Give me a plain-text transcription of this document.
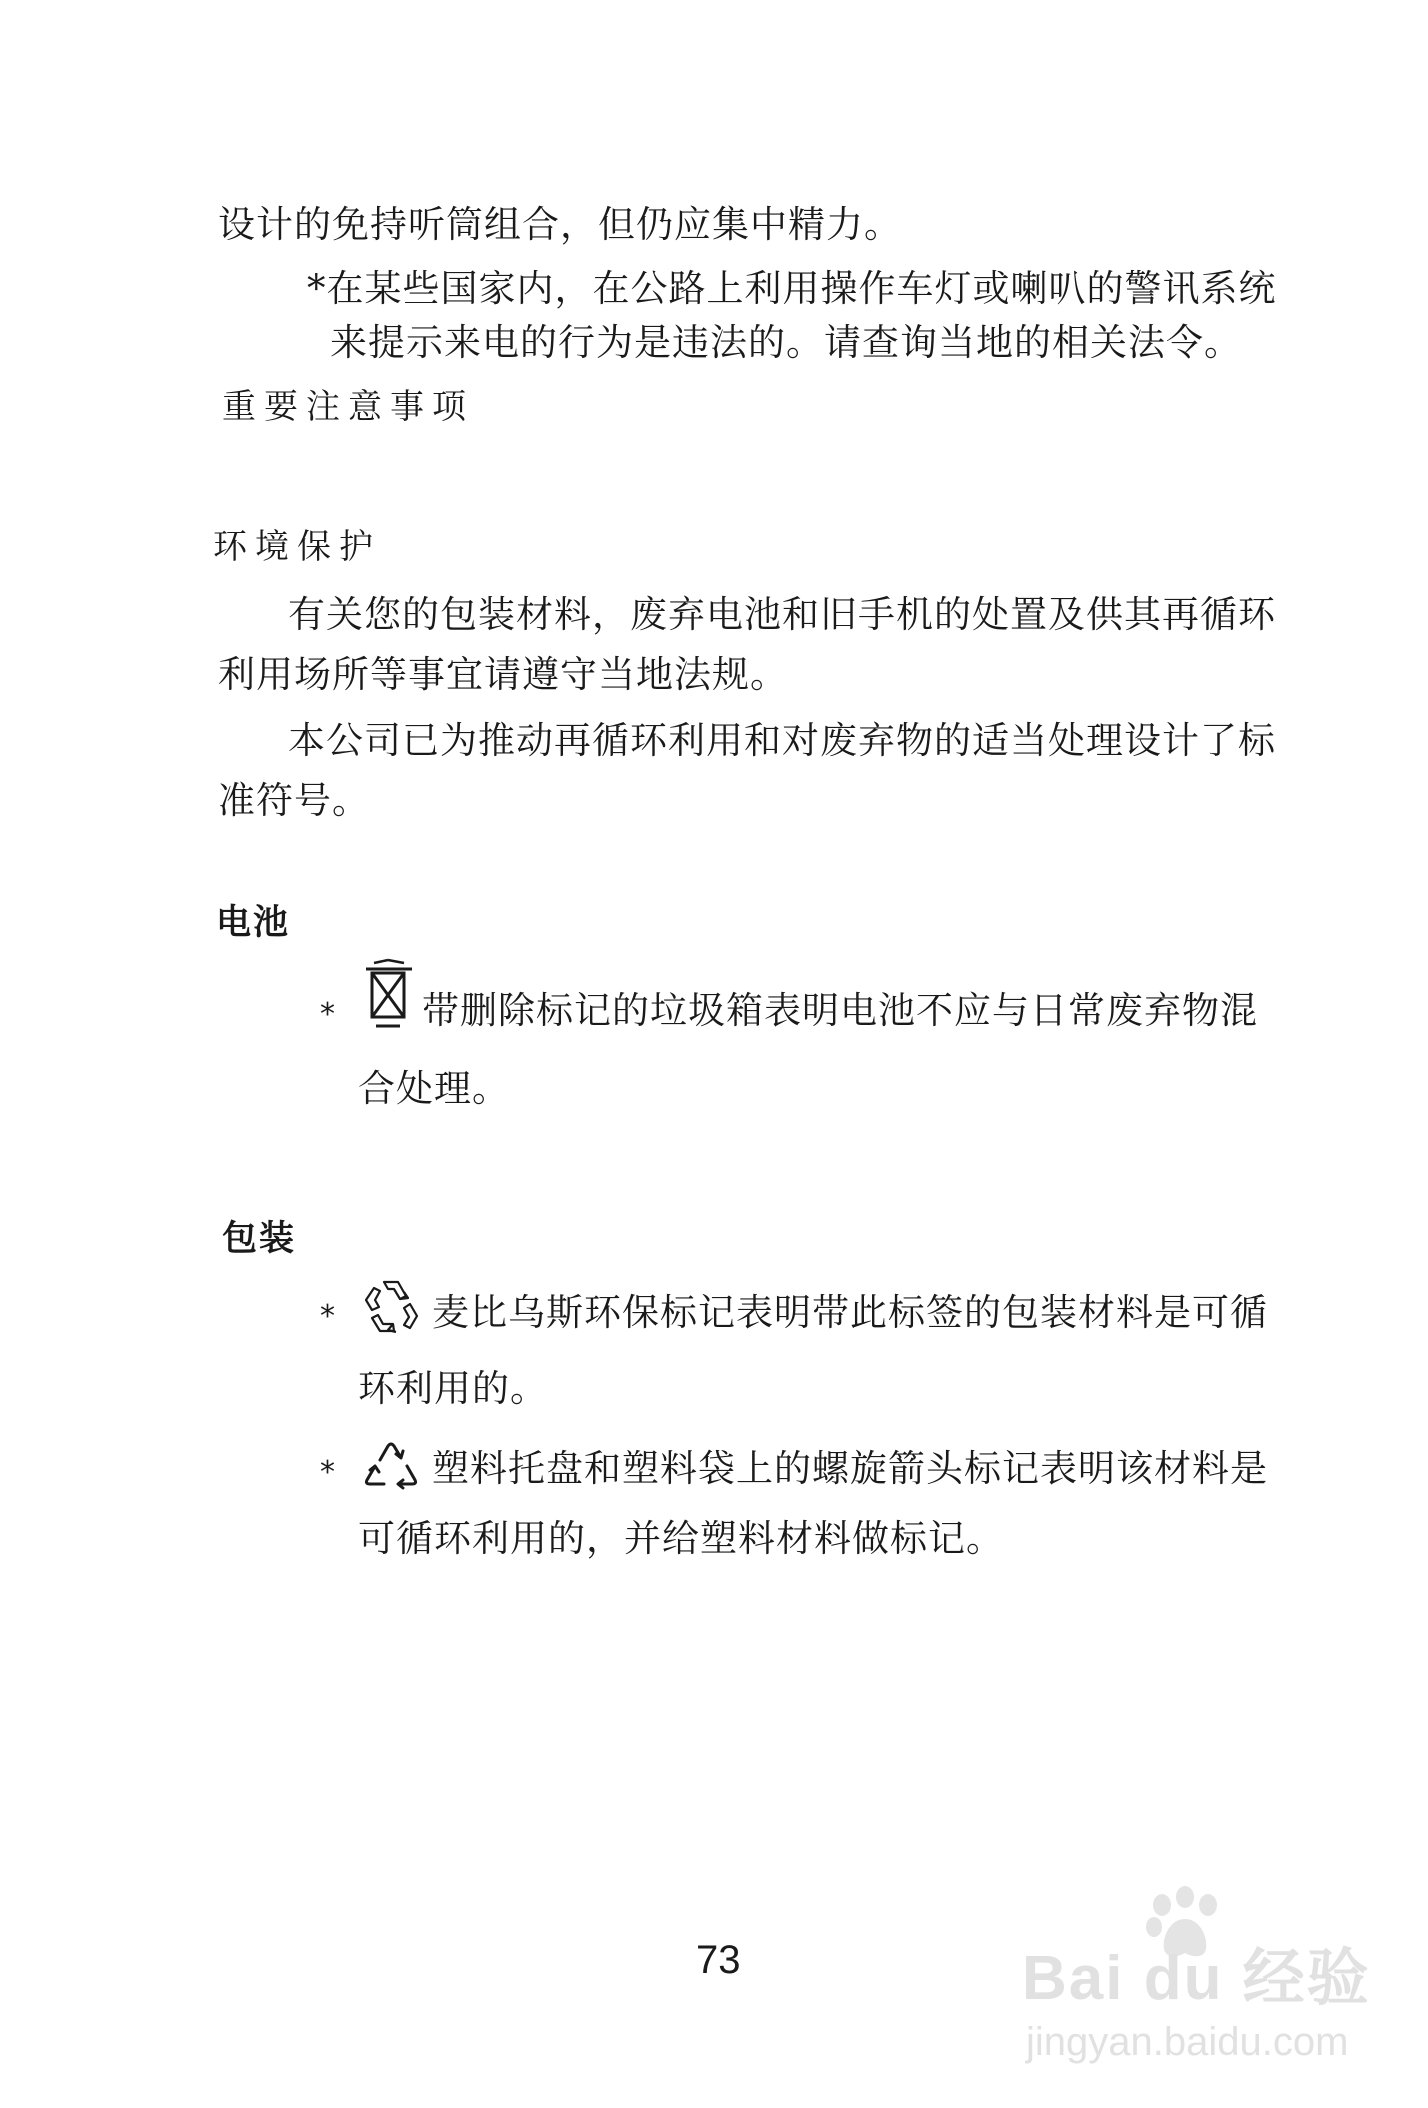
设计的免持听筒组合，但仍应集中精力。
*在某些国家内，在公路上利用操作车灯或喇叭的警讯系统
来提示来电的行为是违法的。请查询当地的相关法令。
重要注意事项
环境保护
有关您的包装材料，废弃电池和旧手机的处置及供其再循环
利用场所等事宜请遵守当地法规。
本公司已为推动再循环利用和对废弃物的适当处理设计了标
准符号。
电池
* 带删除标记的垃圾箱表明电池不应与日常废弃物混
合处理。
包装
*	麦比乌斯环保标记表明带此标签的包装材料是可循
环利用的。
*	塑料托盘和塑料袋上的螺旋箭头标记表明该材料是
可循环利用的，并给塑料材料做标记。
73	Bai du 经验
jingyan.baidu.com
